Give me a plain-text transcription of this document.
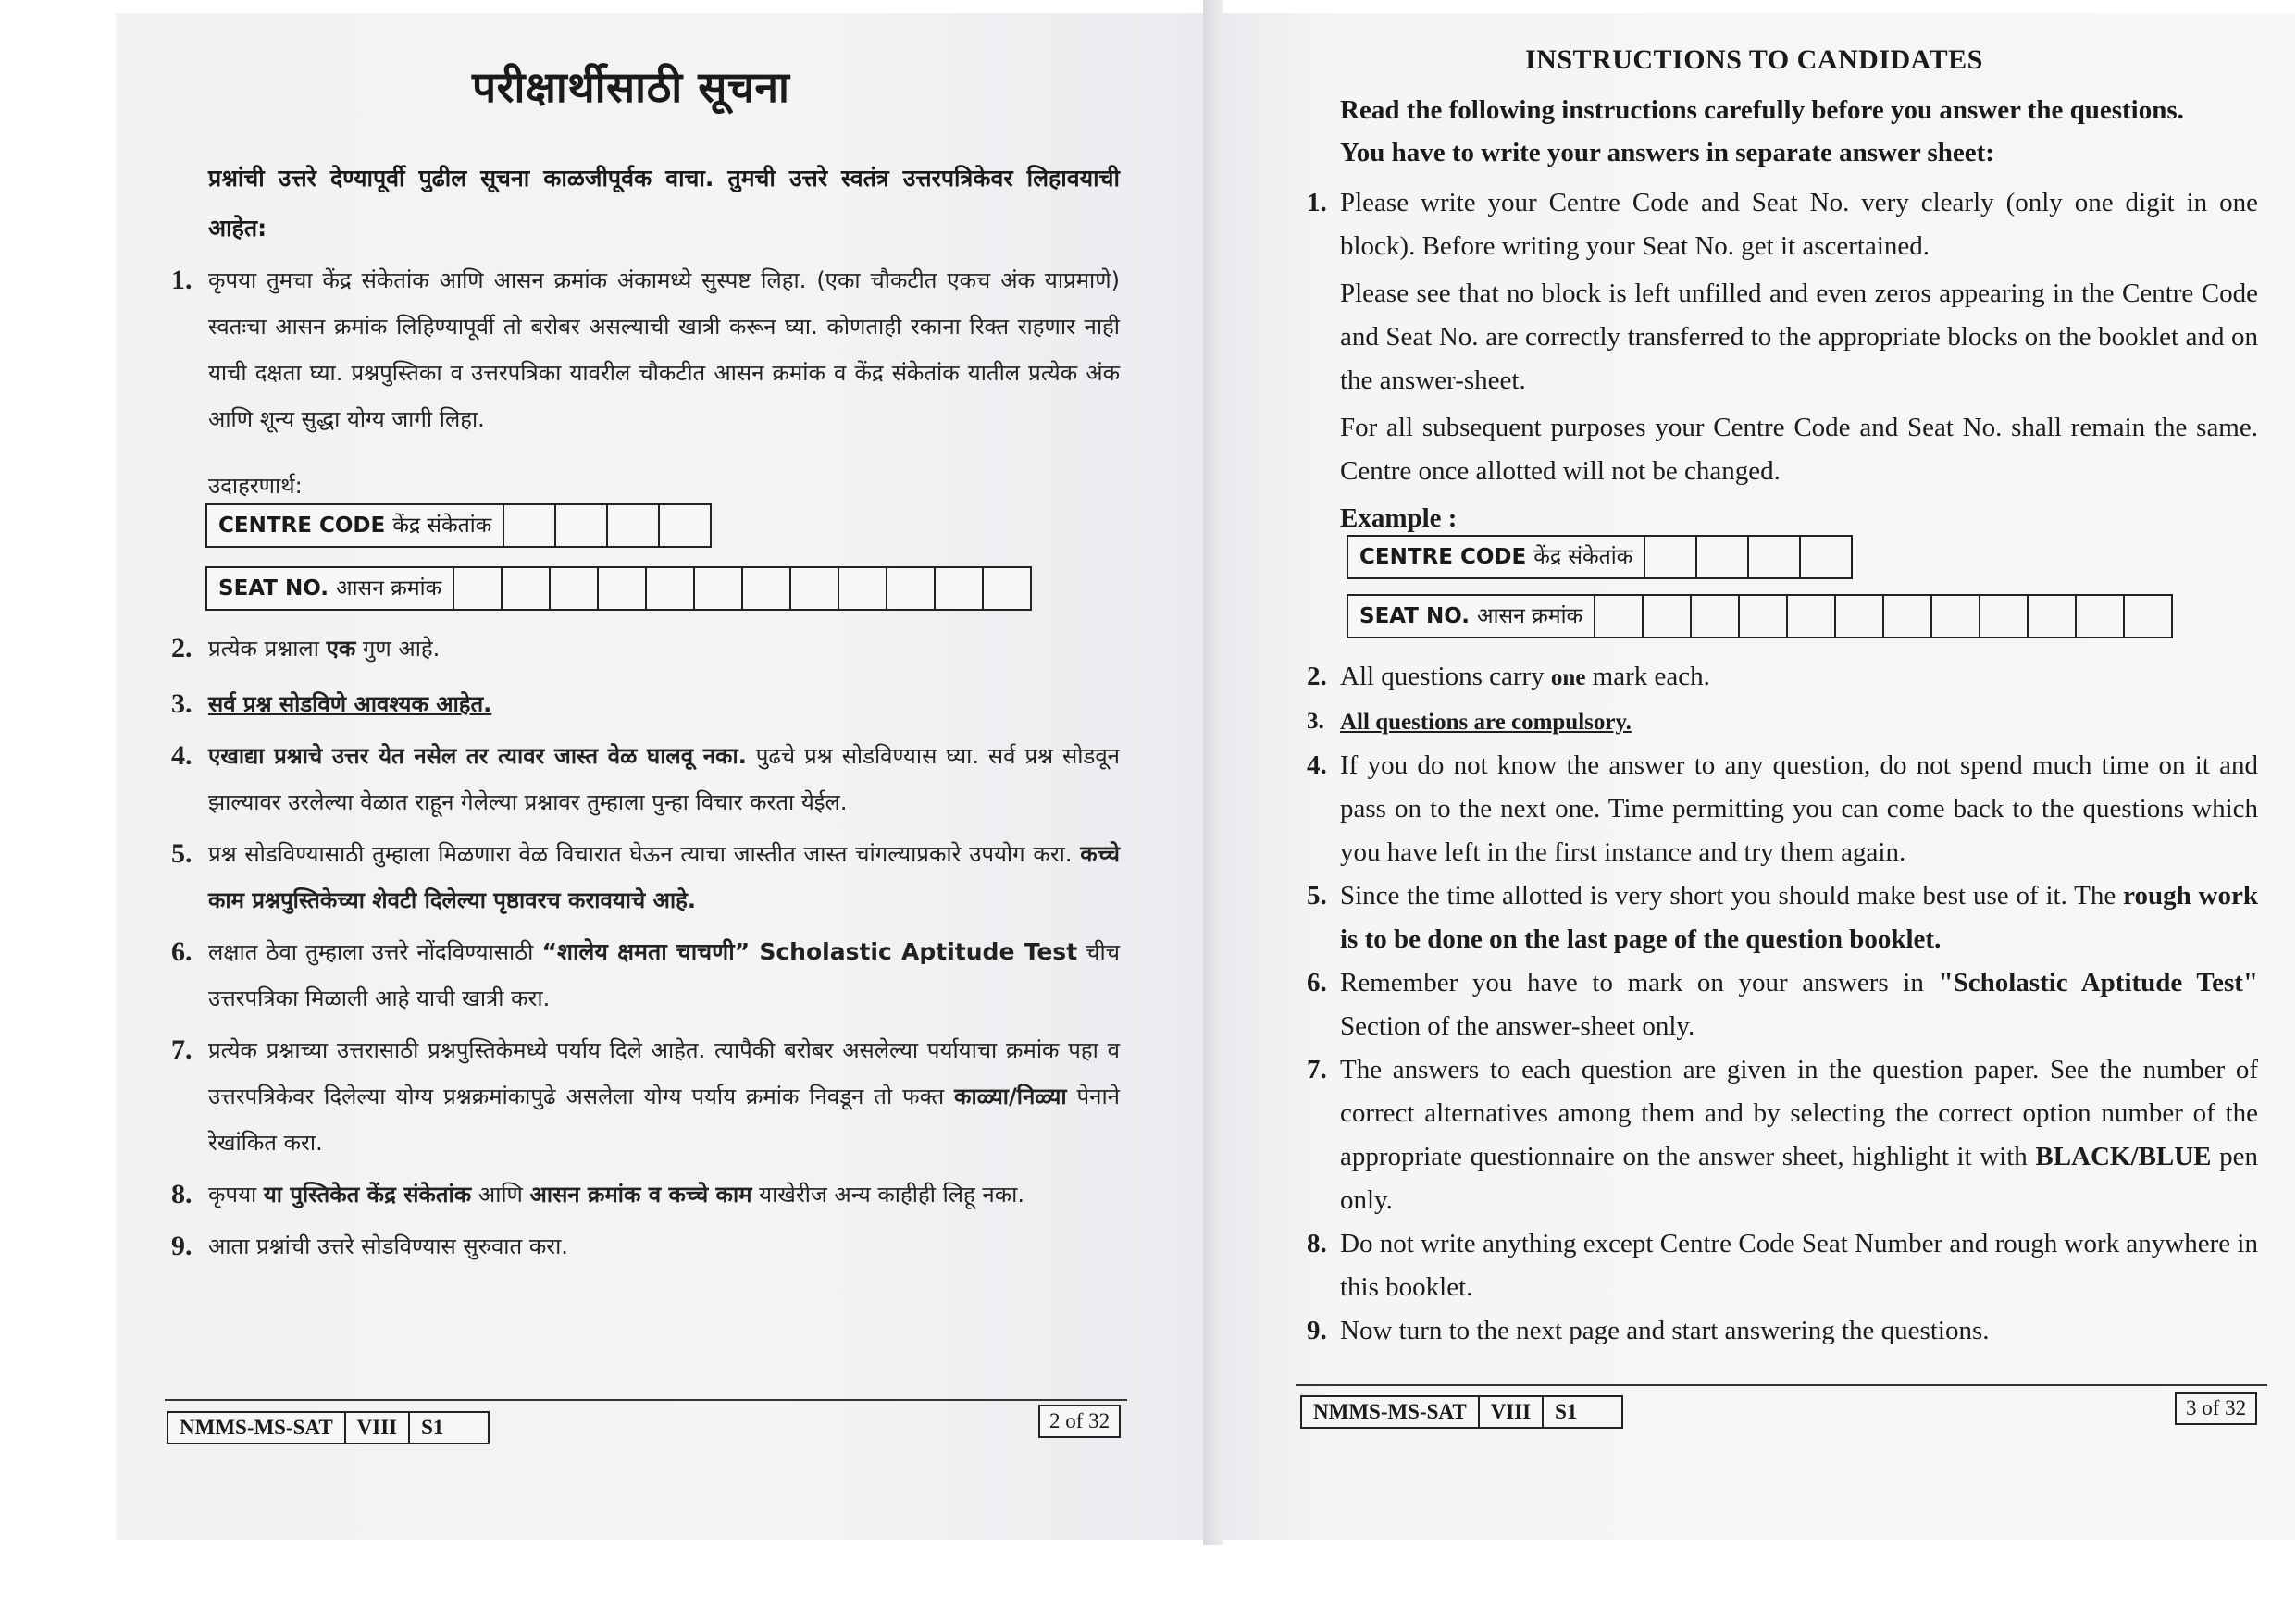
परीक्षार्थीसाठी सूचना
प्रश्नांची उत्तरे देण्यापूर्वी पुढील सूचना काळजीपूर्वक वाचा. तुमची उत्तरे स्वतंत्र उत्तरपत्रिकेवर लिहावयाची आहेत:
1. कृपया तुमचा केंद्र संकेतांक आणि आसन क्रमांक अंकामध्ये सुस्पष्ट लिहा. (एका चौकटीत एकच अंक याप्रमाणे) स्वतःचा आसन क्रमांक लिहिण्यापूर्वी तो बरोबर असल्याची खात्री करून घ्या. कोणताही रकाना रिक्त राहणार नाही याची दक्षता घ्या. प्रश्नपुस्तिका व उत्तरपत्रिका यावरील चौकटीत आसन क्रमांक व केंद्र संकेतांक यातील प्रत्येक अंक आणि शून्य सुद्धा योग्य जागी लिहा.
उदाहरणार्थ:
CENTRE CODE केंद्र संकेतांक
SEAT NO. आसन क्रमांक
2. प्रत्येक प्रश्नाला एक गुण आहे.
3. सर्व प्रश्न सोडविणे आवश्यक आहेत.
4. एखाद्या प्रश्नाचे उत्तर येत नसेल तर त्यावर जास्त वेळ घालवू नका. पुढचे प्रश्न सोडविण्यास घ्या. सर्व प्रश्न सोडवून झाल्यावर उरलेल्या वेळात राहून गेलेल्या प्रश्नावर तुम्हाला पुन्हा विचार करता येईल.
5. प्रश्न सोडविण्यासाठी तुम्हाला मिळणारा वेळ विचारात घेऊन त्याचा जास्तीत जास्त चांगल्याप्रकारे उपयोग करा. कच्चे काम प्रश्नपुस्तिकेच्या शेवटी दिलेल्या पृष्ठावरच करावयाचे आहे.
6. लक्षात ठेवा तुम्हाला उत्तरे नोंदविण्यासाठी “शालेय क्षमता चाचणी” Scholastic Aptitude Test चीच उत्तरपत्रिका मिळाली आहे याची खात्री करा.
7. प्रत्येक प्रश्नाच्या उत्तरासाठी प्रश्नपुस्तिकेमध्ये पर्याय दिले आहेत. त्यापैकी बरोबर असलेल्या पर्यायाचा क्रमांक पहा व उत्तरपत्रिकेवर दिलेल्या योग्य प्रश्नक्रमांकापुढे असलेला योग्य पर्याय क्रमांक निवडून तो फक्त काळ्या/निळ्या पेनाने रेखांकित करा.
8. कृपया या पुस्तिकेत केंद्र संकेतांक आणि आसन क्रमांक व कच्चे काम याखेरीज अन्य काहीही लिहू नका.
9. आता प्रश्नांची उत्तरे सोडविण्यास सुरुवात करा.
NMMS-MS-SAT	VIII	S1	2 of 32
INSTRUCTIONS TO CANDIDATES
Read the following instructions carefully before you answer the questions.
You have to write your answers in separate answer sheet:
1. Please write your Centre Code and Seat No. very clearly (only one digit in one block). Before writing your Seat No. get it ascertained.
Please see that no block is left unfilled and even zeros appearing in the Centre Code and Seat No. are correctly transferred to the appropriate blocks on the booklet and on the answer-sheet.
For all subsequent purposes your Centre Code and Seat No. shall remain the same. Centre once allotted will not be changed.
Example :
CENTRE CODE केंद्र संकेतांक
SEAT NO. आसन क्रमांक
2. All questions carry one mark each.
3. All questions are compulsory.
4. If you do not know the answer to any question, do not spend much time on it and pass on to the next one. Time permitting you can come back to the questions which you have left in the first instance and try them again.
5. Since the time allotted is very short you should make best use of it. The rough work is to be done on the last page of the question booklet.
6. Remember you have to mark on your answers in "Scholastic Aptitude Test" Section of the answer-sheet only.
7. The answers to each question are given in the question paper. See the number of correct alternatives among them and by selecting the correct option number of the appropriate questionnaire on the answer sheet, highlight it with BLACK/BLUE pen only.
8. Do not write anything except Centre Code Seat Number and rough work anywhere in this booklet.
9. Now turn to the next page and start answering the questions.
NMMS-MS-SAT	VIII	S1	3 of 32
